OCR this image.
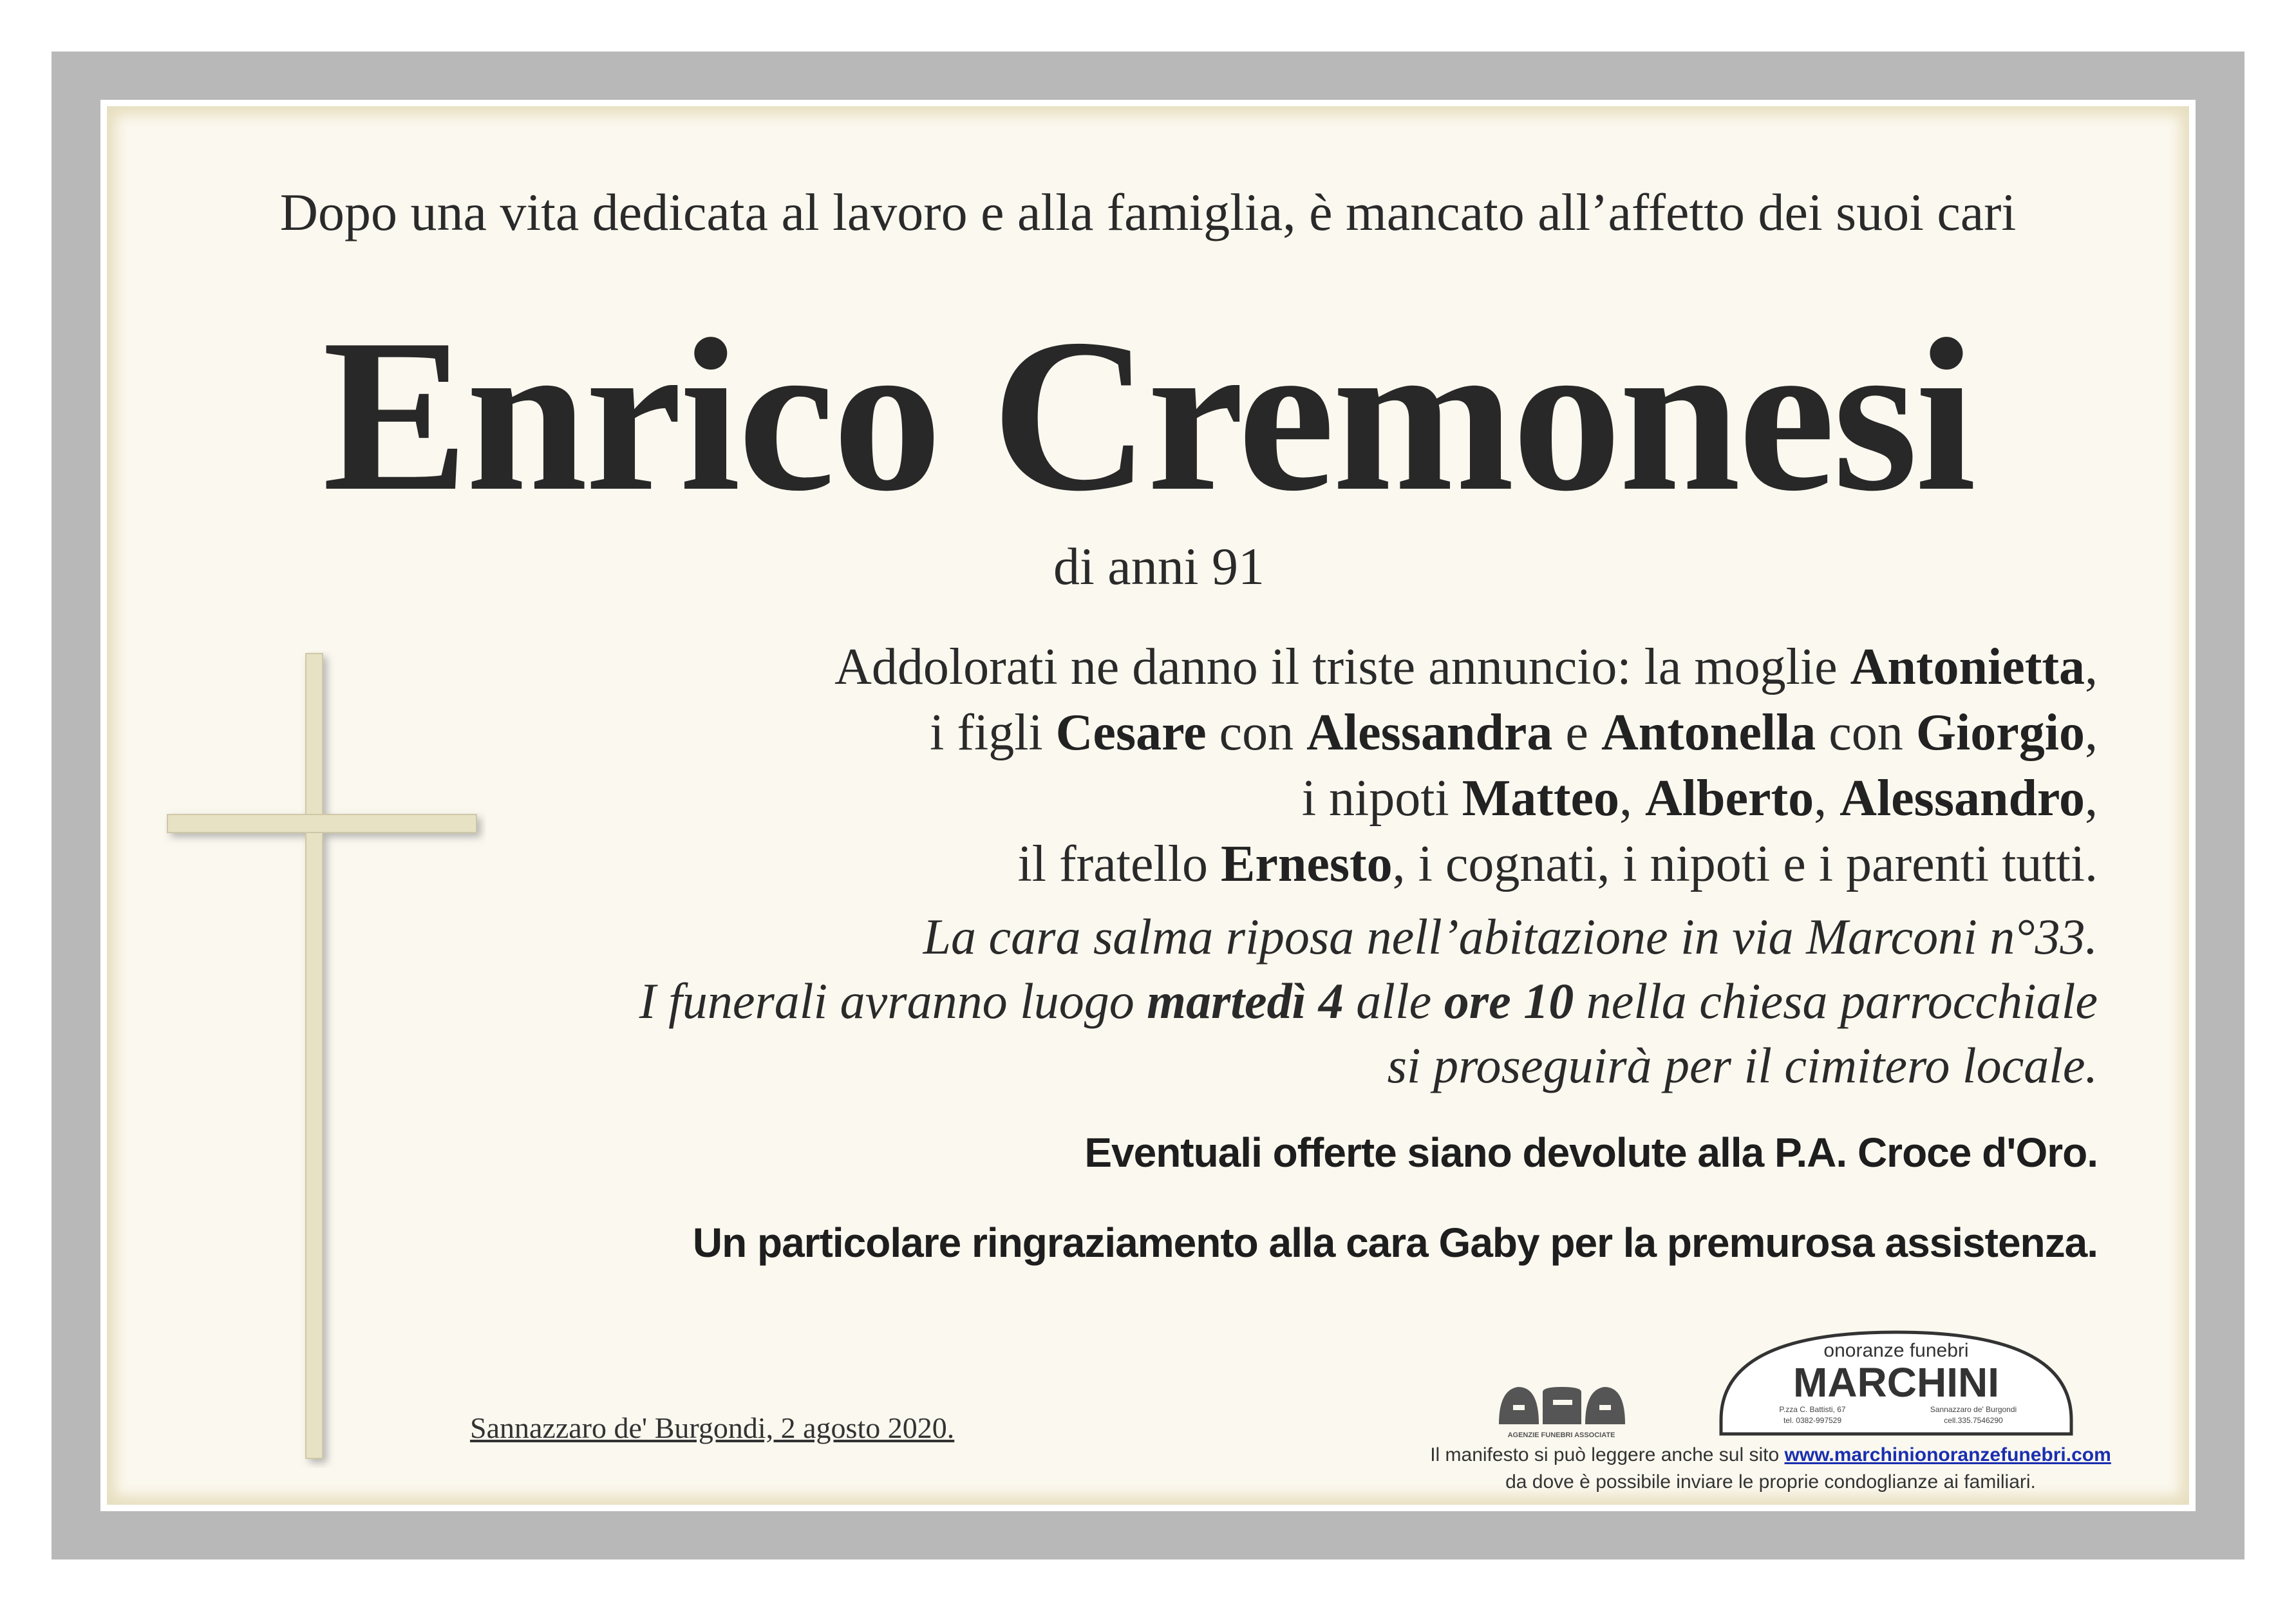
Dopo una vita dedicata al lavoro e alla famiglia, è mancato all’affetto dei suoi cari
Enrico Cremonesi
di anni 91
Addolorati ne danno il triste annuncio: la moglie Antonietta,
i figli Cesare con Alessandra e Antonella con Giorgio,
i nipoti Matteo, Alberto, Alessandro,
il fratello Ernesto, i cognati, i nipoti e i parenti tutti.
La cara salma riposa nell’abitazione in via Marconi n°33.
I funerali avranno luogo martedì 4 alle ore 10 nella chiesa parrocchiale
si proseguirà per il cimitero locale.
Eventuali offerte siano devolute alla P.A. Croce d'Oro.
Un particolare ringraziamento alla cara Gaby per la premurosa assistenza.
Sannazzaro de' Burgondi, 2 agosto 2020.	AGENZIE FUNEBRI ASSOCIATE
onoranze funebri
MARCHINI
P.zza C. Battisti, 67	Sannazzaro de' Burgondi
tel. 0382-997529	cell.335.7546290
Il manifesto si può leggere anche sul sito www.marchinionoranzefunebri.com
da dove è possibile inviare le proprie condoglianze ai familiari.
